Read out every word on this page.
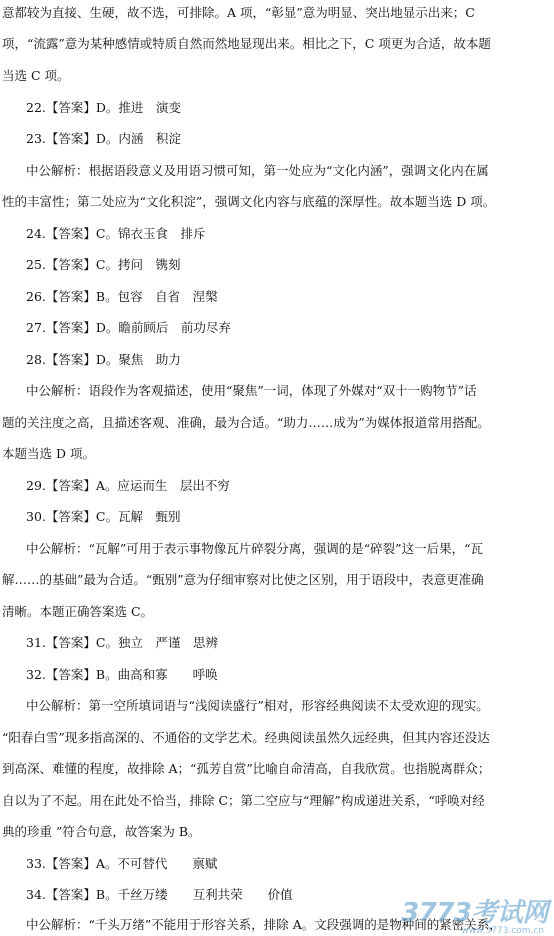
意都较为直接、生硬，故不选，可排除。A 项，“彰显”意为明显、突出地显示出来；C
项，“流露”意为某种感情或特质自然而然地显现出来。相比之下，C 项更为合适，故本题
当选 C 项。
22.【答案】D。推进　演变
23.【答案】D。内涵　积淀
中公解析：根据语段意义及用语习惯可知，第一处应为“文化内涵”，强调文化内在属
性的丰富性；第二处应为“文化积淀”，强调文化内容与底蕴的深厚性。故本题当选 D 项。
24.【答案】C。锦衣玉食　排斥
25.【答案】C。拷问　镌刻
26.【答案】B。包容　自省　涅槃
27.【答案】D。瞻前顾后　前功尽弃
28.【答案】D。聚焦　助力
中公解析：语段作为客观描述，使用“聚焦”一词，体现了外媒对“双十一购物节”话
题的关注度之高，且描述客观、准确，最为合适。“助力……成为”为媒体报道常用搭配。
本题当选 D 项。
29.【答案】A。应运而生　层出不穷
30.【答案】C。瓦解　甄别
中公解析：“瓦解”可用于表示事物像瓦片碎裂分离，强调的是“碎裂”这一后果，“瓦
解……的基础”最为合适。“甄别”意为仔细审察对比使之区别，用于语段中，表意更准确
清晰。本题正确答案选 C。
31.【答案】C。独立　严谨　思辨
32.【答案】B。曲高和寡　　呼唤
中公解析：第一空所填词语与“浅阅读盛行”相对，形容经典阅读不太受欢迎的现实。
“阳春白雪”现多指高深的、不通俗的文学艺术。经典阅读虽然久远经典，但其内容还没达
到高深、难懂的程度，故排除 A；“孤芳自赏”比喻自命清高，自我欣赏。也指脱离群众；
自以为了不起。用在此处不恰当，排除 C；第二空应与“理解”构成递进关系，“呼唤对经
典的珍重 ”符合句意，故答案为 B。
33.【答案】A。不可替代　　禀赋
34.【答案】B。千丝万缕　　互利共荣　　价值
中公解析：“千头万绪”不能用于形容关系，排除 A。文段强调的是物种间的紧密关系，
3773考试网
www.3773.com.cn
